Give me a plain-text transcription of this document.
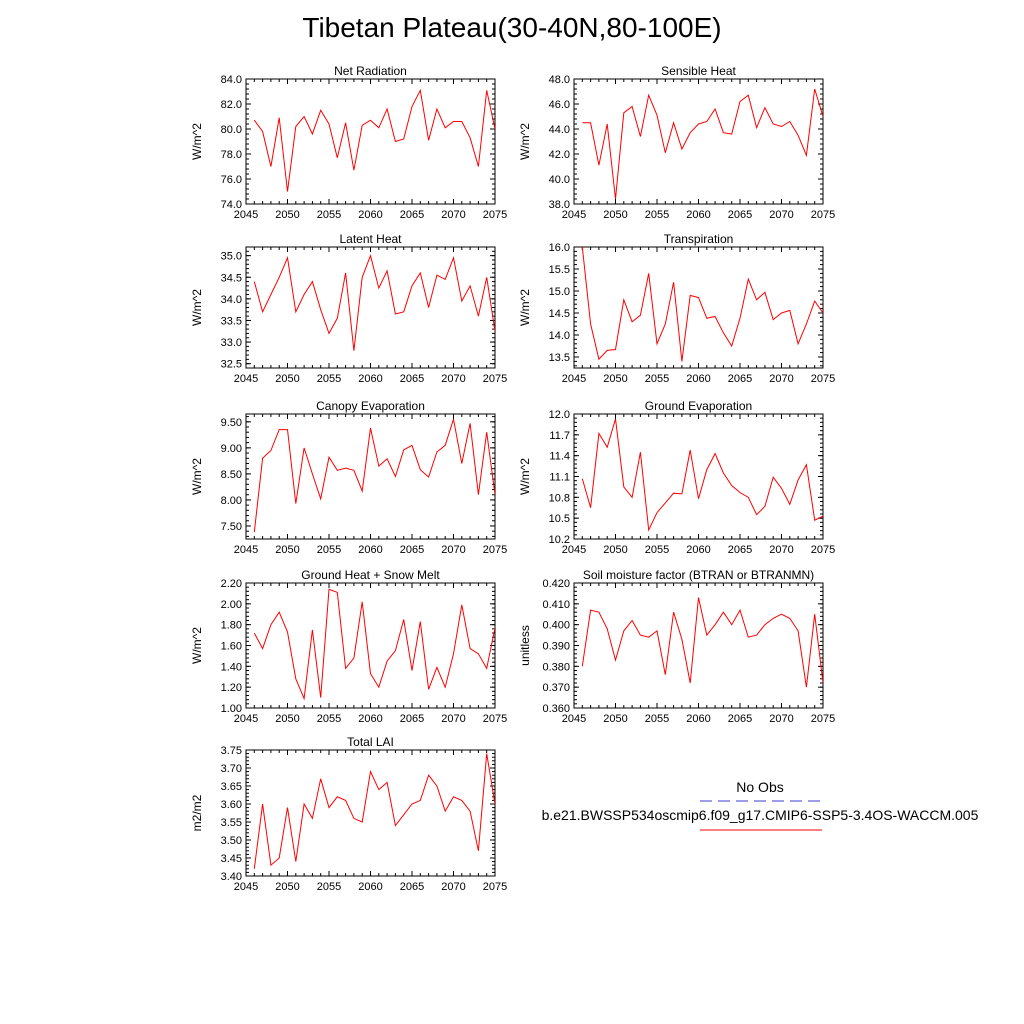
Tibetan Plateau(30-40N,80-100E)
Net Radiation
W/m^2
2045 2050 2055 2060 2065 2070 2075
74.0
76.0
78.0
80.0
82.0
84.0
Sensible Heat
W/m^2
2045 2050 2055 2060 2065 2070 2075
38.0
40.0
42.0
44.0
46.0
48.0
Latent Heat
W/m^2
2045 2050 2055 2060 2065 2070 2075
32.5
33.0
33.5
34.0
34.5
35.0
Transpiration
W/m^2
2045 2050 2055 2060 2065 2070 2075
13.5
14.0
14.5
15.0
15.5
16.0
Canopy Evaporation
W/m^2
2045 2050 2055 2060 2065 2070 2075
7.50
8.00
8.50
9.00
9.50
Ground Evaporation
W/m^2
2045 2050 2055 2060 2065 2070 2075
10.2
10.5
10.8
11.1
11.4
11.7
12.0
Ground Heat + Snow Melt
W/m^2
2045 2050 2055 2060 2065 2070 2075
1.00
1.20
1.40
1.60
1.80
2.00
2.20
Soil moisture factor (BTRAN or BTRANMN)
unitless
2045 2050 2055 2060 2065 2070 2075
0.360
0.370
0.380
0.390
0.400
0.410
0.420
Total LAI
m2/m2
2045 2050 2055 2060 2065 2070 2075
3.40
3.45
3.50
3.55
3.60
3.65
3.70
3.75
No Obs
b.e21.BWSSP534oscmip6.f09_g17.CMIP6-SSP5-3.4OS-WACCM.005
